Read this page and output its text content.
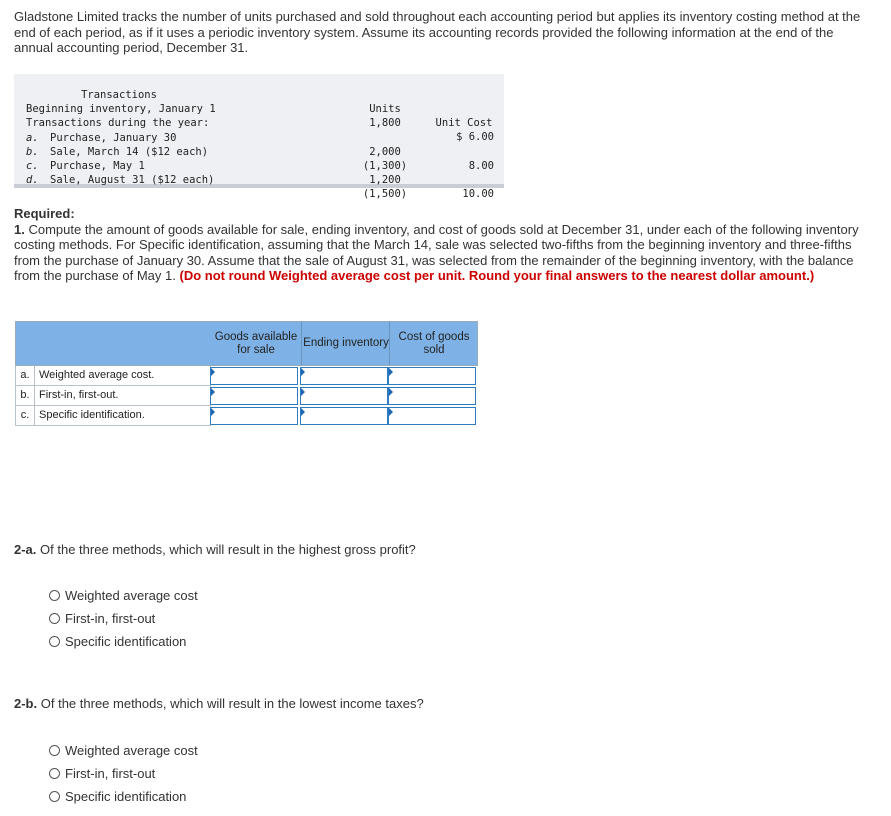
Gladstone Limited tracks the number of units purchased and sold throughout each accounting period but applies its inventory costing method at the end of each period, as if it uses a periodic inventory system. Assume its accounting records provided the following information at the end of the annual accounting period, December 31.

Transactions

Units

Unit Cost

Beginning inventory, January 1

1,800

$ 6.00

Transactions during the year:

a. Purchase, January 30

2,000

8.00

b. Sale, March 14 ($12 each)

(1,300)

c. Purchase, May 1

1,200

10.00

d. Sale, August 31 ($12 each)

(1,500)

Required:
1. Compute the amount of goods available for sale, ending inventory, and cost of goods sold at December 31, under each of the following inventory costing methods. For Specific identification, assuming that the March 14, sale was selected two-fifths from the beginning inventory and three-fifths from the purchase of January 30. Assume that the sale of August 31, was selected from the remainder of the beginning inventory, with the balance from the purchase of May 1. (Do not round Weighted average cost per unit. Round your final answers to the nearest dollar amount.)
Goods available for sale
Ending inventory
Cost of goods sold
a. Weighted average cost.
b. First-in, first-out.
c. Specific identification.
2-a. Of the three methods, which will result in the highest gross profit?
Weighted average cost
First-in, first-out
Specific identification
2-b. Of the three methods, which will result in the lowest income taxes?
Weighted average cost
First-in, first-out
Specific identification
